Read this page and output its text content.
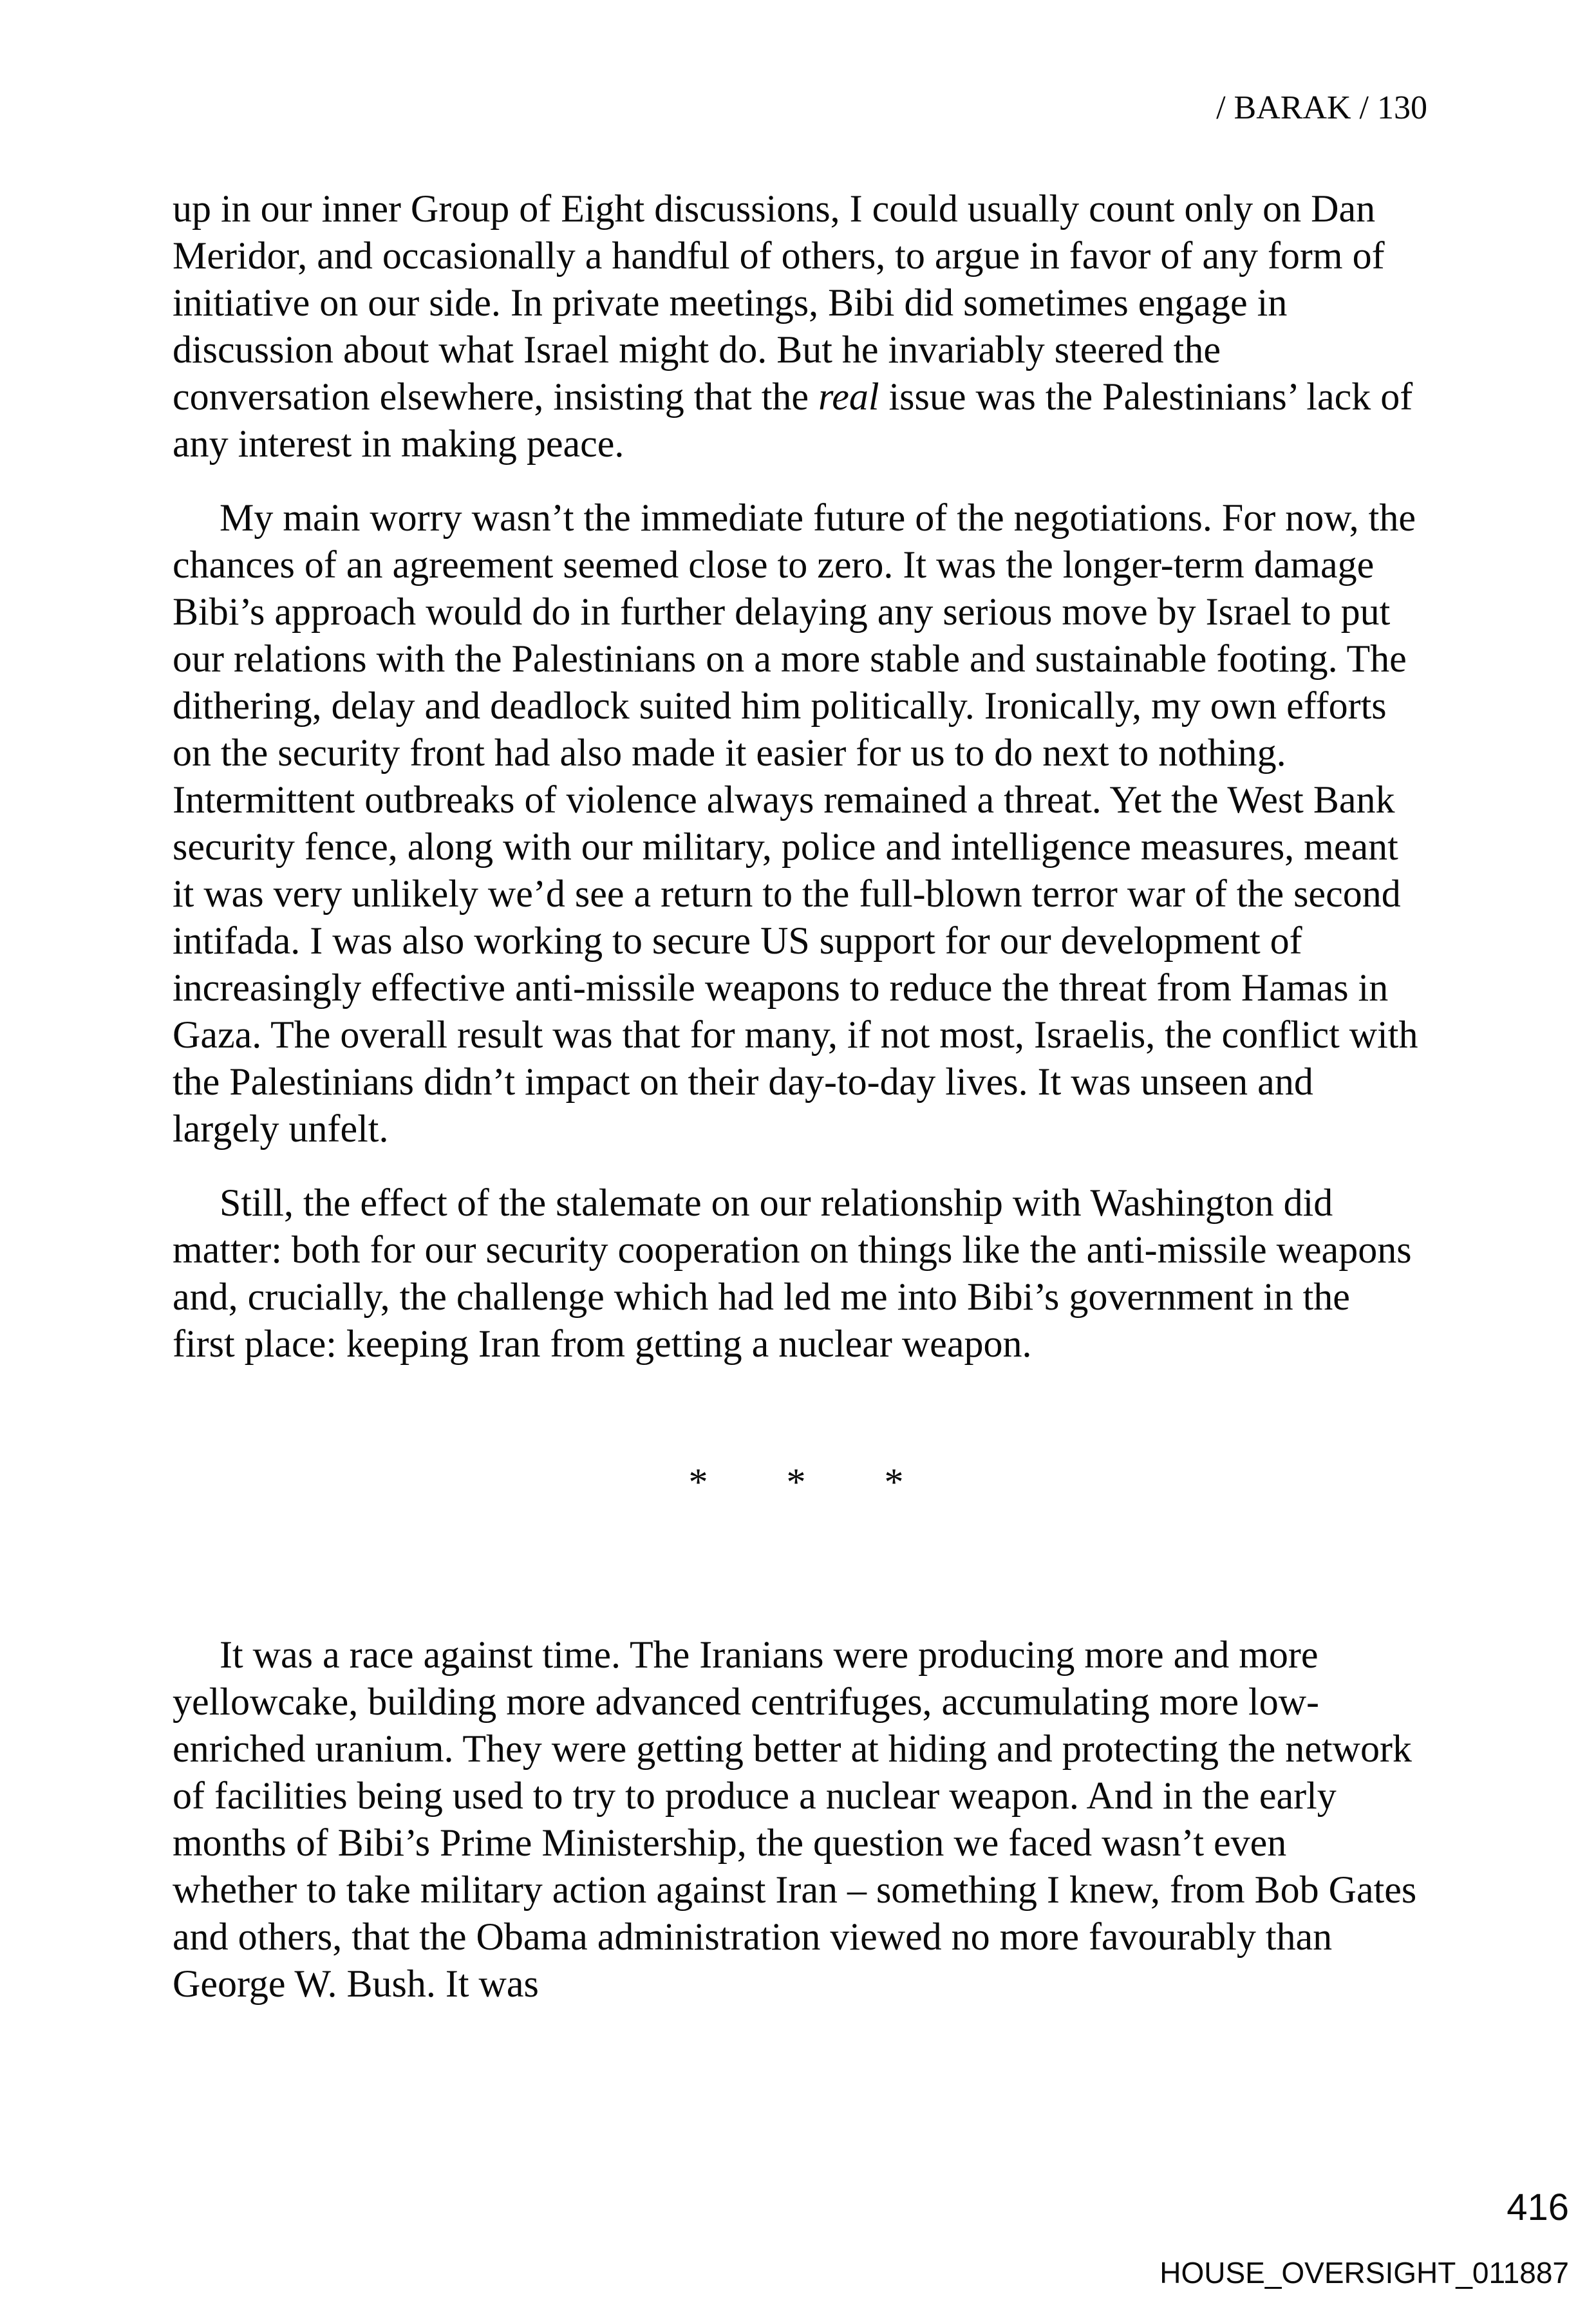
/ BARAK / 130

up in our inner Group of Eight discussions, I could usually count only on Dan Meridor, and occasionally a handful of others, to argue in favor of any form of initiative on our side. In private meetings, Bibi did sometimes engage in discussion about what Israel might do. But he invariably steered the conversation elsewhere, insisting that the real issue was the Palestinians’ lack of any interest in making peace.

My main worry wasn’t the immediate future of the negotiations. For now, the chances of an agreement seemed close to zero. It was the longer-term damage Bibi’s approach would do in further delaying any serious move by Israel to put our relations with the Palestinians on a more stable and sustainable footing. The dithering, delay and deadlock suited him politically. Ironically, my own efforts on the security front had also made it easier for us to do next to nothing. Intermittent outbreaks of violence always remained a threat. Yet the West Bank security fence, along with our military, police and intelligence measures, meant it was very unlikely we’d see a return to the full-blown terror war of the second intifada. I was also working to secure US support for our development of increasingly effective anti-missile weapons to reduce the threat from Hamas in Gaza. The overall result was that for many, if not most, Israelis, the conflict with the Palestinians didn’t impact on their day-to-day lives. It was unseen and largely unfelt.

Still, the effect of the stalemate on our relationship with Washington did matter: both for our security cooperation on things like the anti-missile weapons and, crucially, the challenge which had led me into Bibi’s government in the first place: keeping Iran from getting a nuclear weapon.

* * *

It was a race against time. The Iranians were producing more and more yellowcake, building more advanced centrifuges, accumulating more low-enriched uranium. They were getting better at hiding and protecting the network of facilities being used to try to produce a nuclear weapon. And in the early months of Bibi’s Prime Ministership, the question we faced wasn’t even whether to take military action against Iran – something I knew, from Bob Gates and others, that the Obama administration viewed no more favourably than George W. Bush. It was

416
HOUSE_OVERSIGHT_011887
